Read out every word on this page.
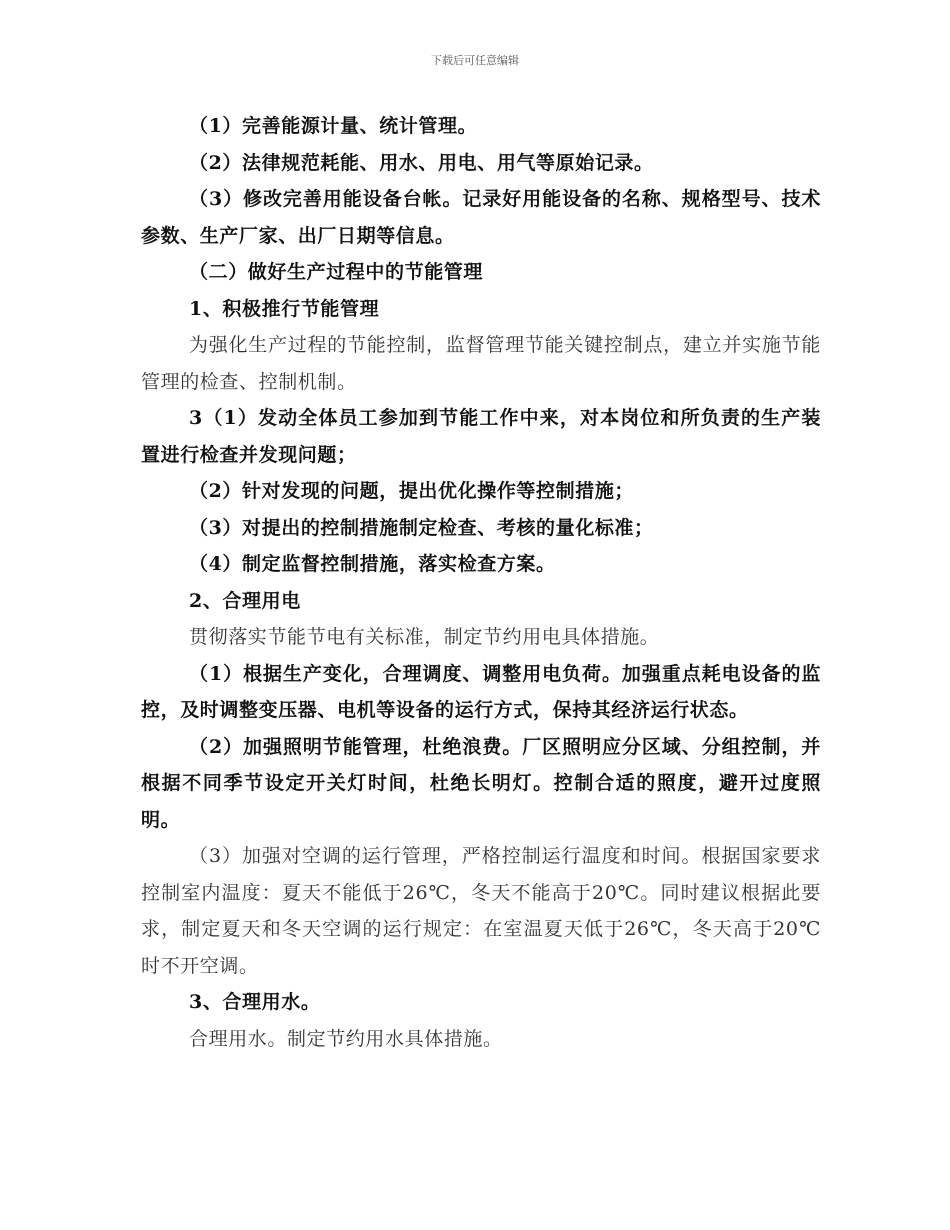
下载后可任意编辑

（1）完善能源计量、统计管理。

（2）法律规范耗能、用水、用电、用气等原始记录。

（3）修改完善用能设备台帐。记录好用能设备的名称、规格型号、技术参数、生产厂家、出厂日期等信息。

（二）做好生产过程中的节能管理

1、积极推行节能管理

为强化生产过程的节能控制，监督管理节能关键控制点，建立并实施节能管理的检查、控制机制。

3（1）发动全体员工参加到节能工作中来，对本岗位和所负责的生产装置进行检查并发现问题；

（2）针对发现的问题，提出优化操作等控制措施；

（3）对提出的控制措施制定检查、考核的量化标准；

（4）制定监督控制措施，落实检查方案。

2、合理用电

贯彻落实节能节电有关标准，制定节约用电具体措施。

（1）根据生产变化，合理调度、调整用电负荷。加强重点耗电设备的监控，及时调整变压器、电机等设备的运行方式，保持其经济运行状态。

（2）加强照明节能管理，杜绝浪费。厂区照明应分区域、分组控制，并根据不同季节设定开关灯时间，杜绝长明灯。控制合适的照度，避开过度照明。

（3）加强对空调的运行管理，严格控制运行温度和时间。根据国家要求控制室内温度：夏天不能低于26℃，冬天不能高于20℃。同时建议根据此要求，制定夏天和冬天空调的运行规定：在室温夏天低于26℃，冬天高于20℃时不开空调。

3、合理用水。

合理用水。制定节约用水具体措施。
